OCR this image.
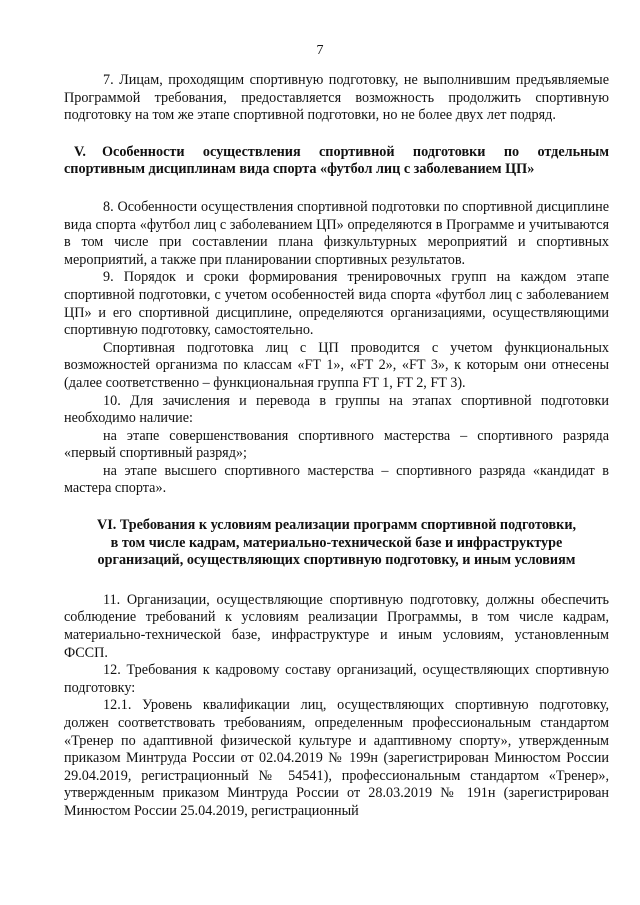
7

7. Лицам, проходящим спортивную подготовку, не выполнившим предъявляемые Программой требования, предоставляется возможность продолжить спортивную подготовку на том же этапе спортивной подготовки, но не более двух лет подряд.

V. Особенности осуществления спортивной подготовки по отдельным спортивным дисциплинам вида спорта «футбол лиц с заболеванием ЦП»

8. Особенности осуществления спортивной подготовки по спортивной дисциплине вида спорта «футбол лиц с заболеванием ЦП» определяются в Программе и учитываются в том числе при составлении плана физкультурных мероприятий и спортивных мероприятий, а также при планировании спортивных результатов.

9. Порядок и сроки формирования тренировочных групп на каждом этапе спортивной подготовки, с учетом особенностей вида спорта «футбол лиц с заболеванием ЦП» и его спортивной дисциплине, определяются организациями, осуществляющими спортивную подготовку, самостоятельно.

Спортивная подготовка лиц с ЦП проводится с учетом функциональных возможностей организма по классам «FT 1», «FT 2», «FT 3», к которым они отнесены (далее соответственно – функциональная группа FT 1, FT 2, FT 3).

10. Для зачисления и перевода в группы на этапах спортивной подготовки необходимо наличие:

на этапе совершенствования спортивного мастерства – спортивного разряда «первый спортивный разряд»;

на этапе высшего спортивного мастерства – спортивного разряда «кандидат в мастера спорта».

VI. Требования к условиям реализации программ спортивной подготовки,
в том числе кадрам, материально-технической базе и инфраструктуре
организаций, осуществляющих спортивную подготовку, и иным условиям

11. Организации, осуществляющие спортивную подготовку, должны обеспечить соблюдение требований к условиям реализации Программы, в том числе кадрам, материально-технической базе, инфраструктуре и иным условиям, установленным ФССП.

12. Требования к кадровому составу организаций, осуществляющих спортивную подготовку:

12.1. Уровень квалификации лиц, осуществляющих спортивную подготовку, должен соответствовать требованиям, определенным профессиональным стандартом «Тренер по адаптивной физической культуре и адаптивному спорту», утвержденным приказом Минтруда России от 02.04.2019 № 199н (зарегистрирован Минюстом России 29.04.2019, регистрационный № 54541), профессиональным стандартом «Тренер», утвержденным приказом Минтруда России от 28.03.2019 № 191н (зарегистрирован Минюстом России 25.04.2019, регистрационный
